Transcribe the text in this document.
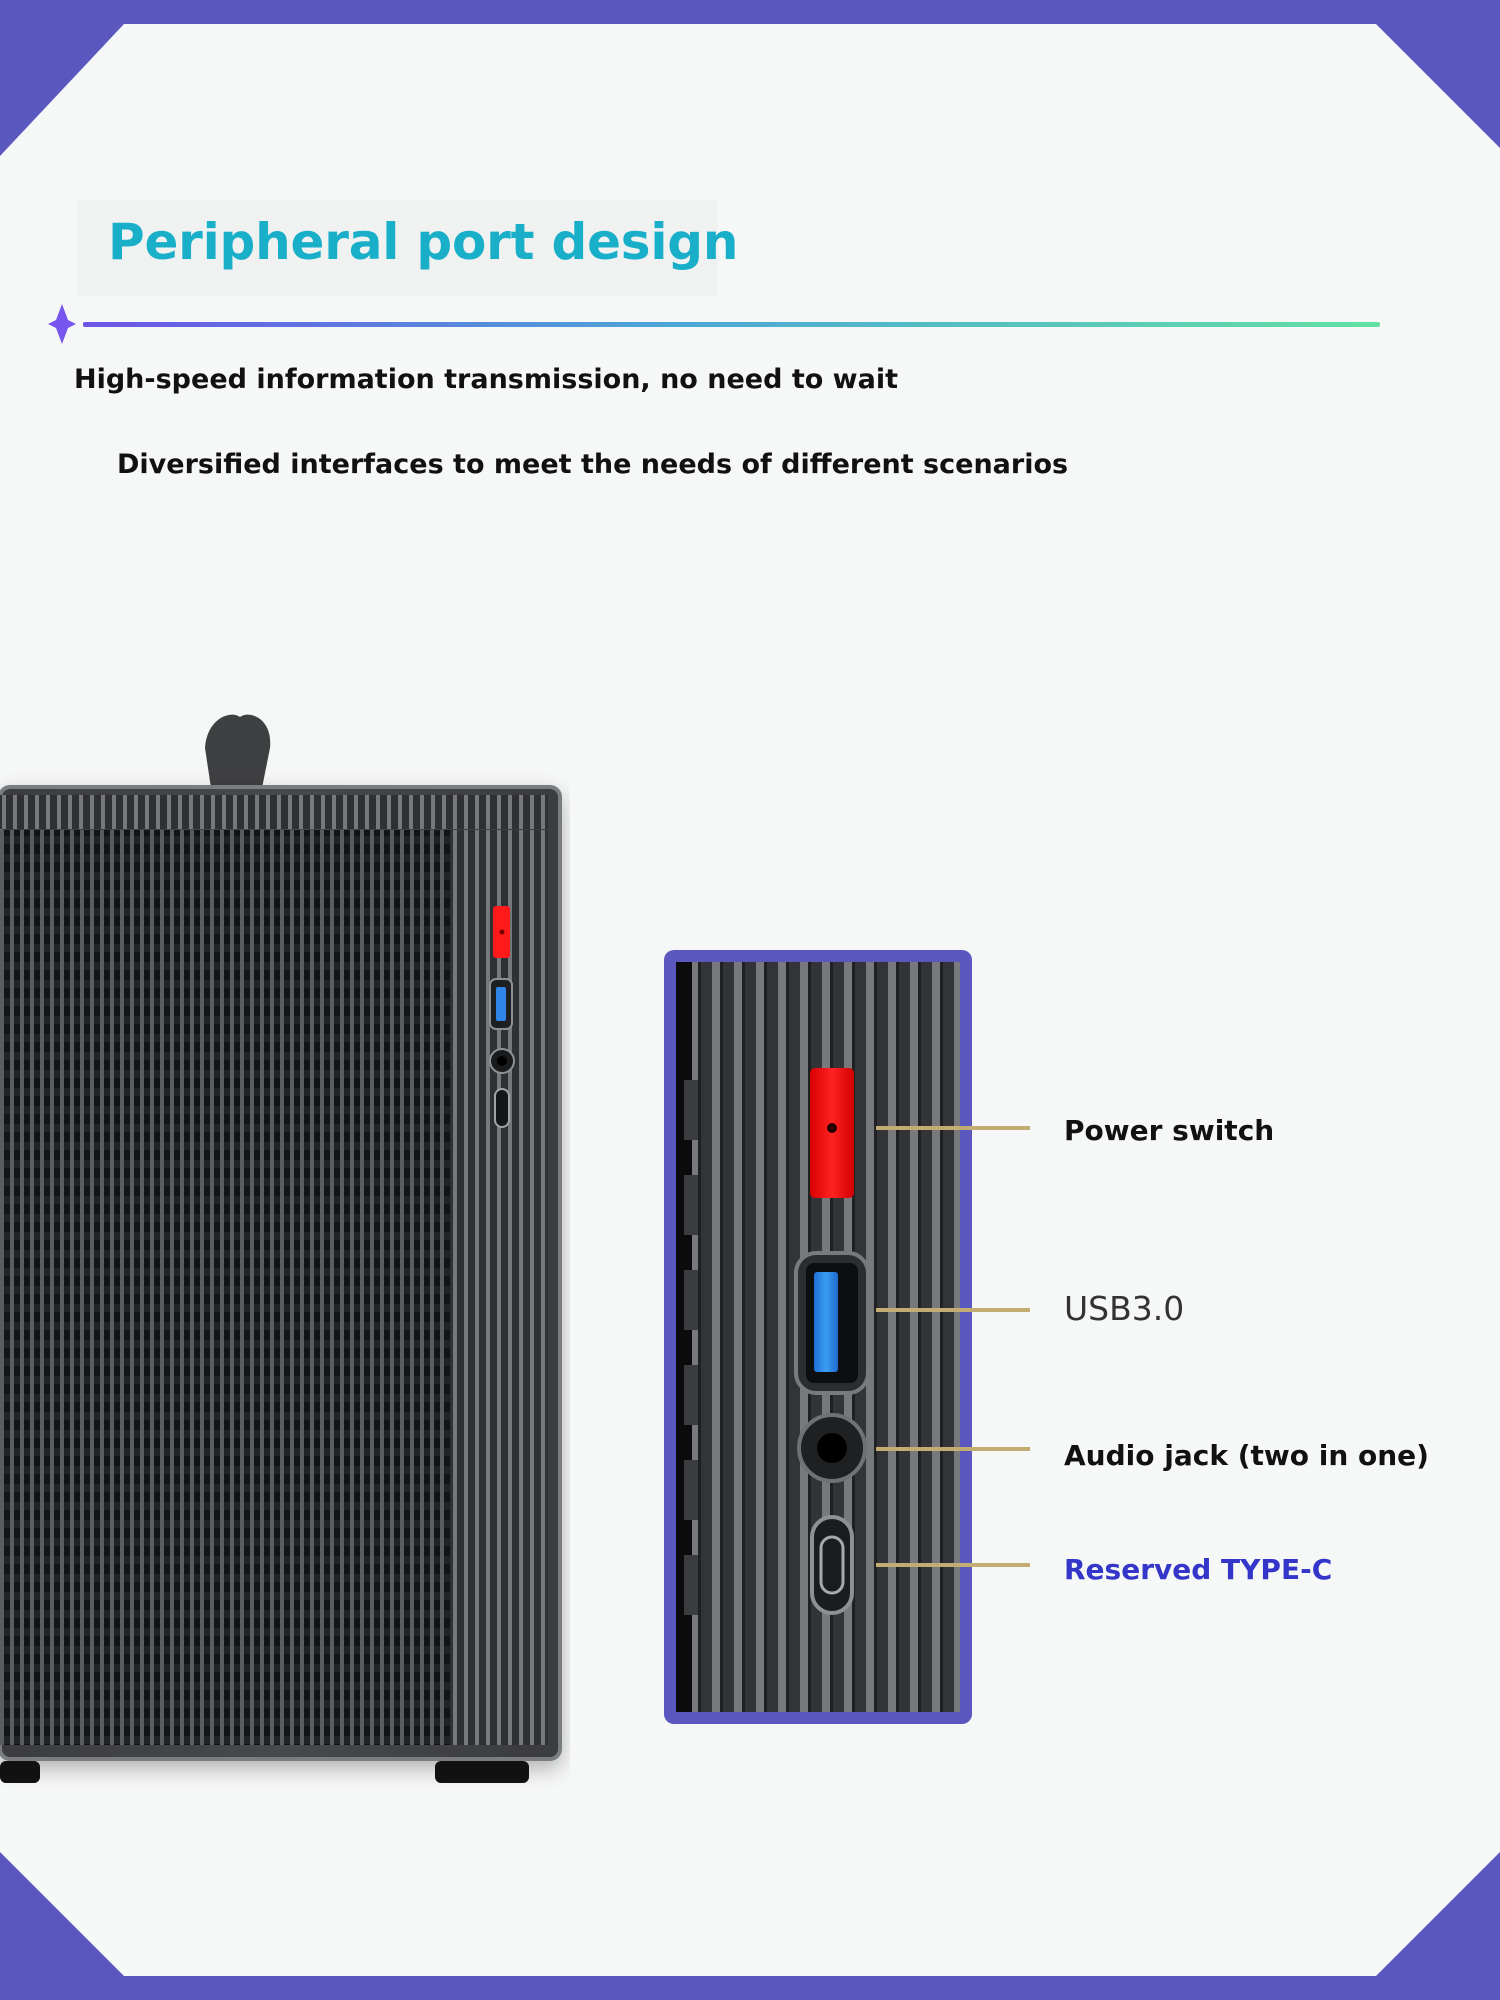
Peripheral port design

High-speed information transmission, no need to wait

Diversified interfaces to meet the needs of different scenarios

Power switch

USB3.0

Audio jack (two in one)

Reserved TYPE-C
